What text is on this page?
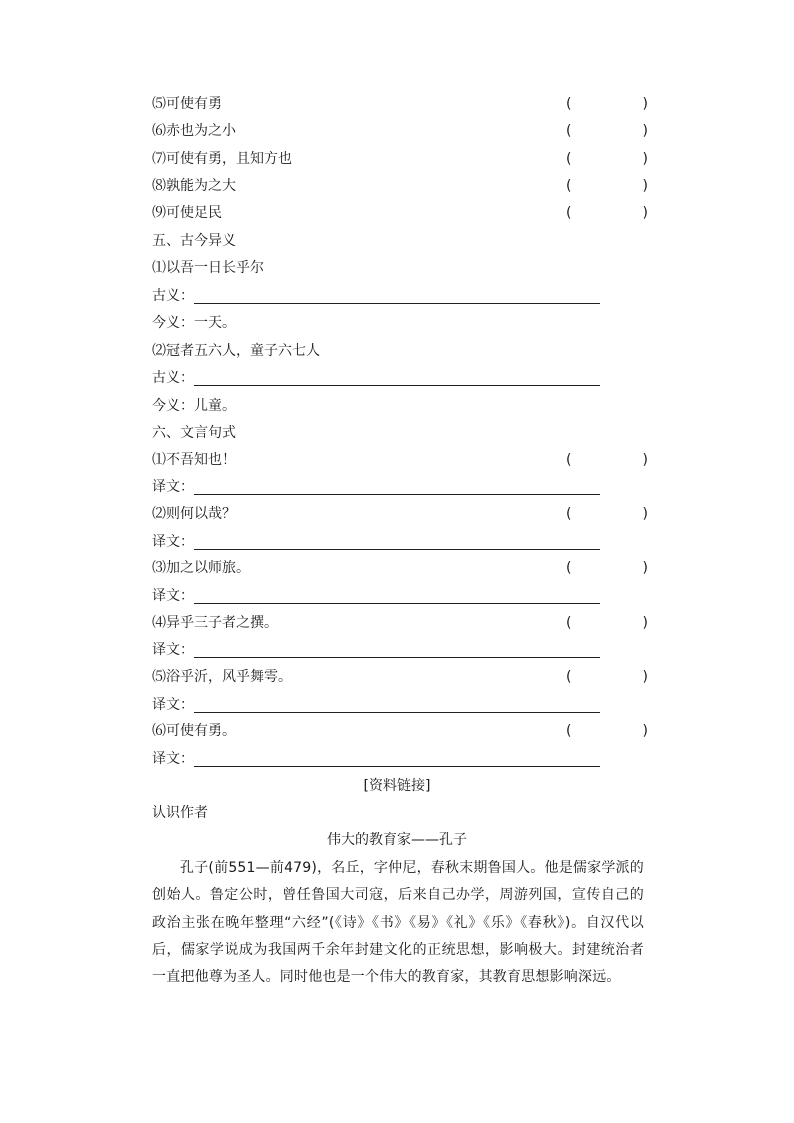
⑸可使有勇	(	)
⑹赤也为之小	(	)
⑺可使有勇，且知方也	(	)
⑻孰能为之大	(	)
⑼可使足民	(	)
五、古今异义
⑴以吾一日长乎尔
古义：
今义：一天。
⑵冠者五六人，童子六七人
古义：
今义：儿童。
六、文言句式
⑴不吾知也！	(	)
译文：
⑵则何以哉？	(	)
译文：
⑶加之以师旅。	(	)
译文：
⑷异乎三子者之撰。	(	)
译文：
⑸浴乎沂，风乎舞雩。	(	)
译文：
⑹可使有勇。	(	)
译文：
[资料链接]
认识作者
伟大的教育家——孔子
孔子(前551—前479)，名丘，字仲尼，春秋末期鲁国人。他是儒家学派的创始人。鲁定公时，曾任鲁国大司寇，后来自己办学，周游列国，宣传自己的政治主张在晚年整理“六经”(《诗》《书》《易》《礼》《乐》《春秋》)。自汉代以后，儒家学说成为我国两千余年封建文化的正统思想，影响极大。封建统治者一直把他尊为圣人。同时他也是一个伟大的教育家，其教育思想影响深远。
